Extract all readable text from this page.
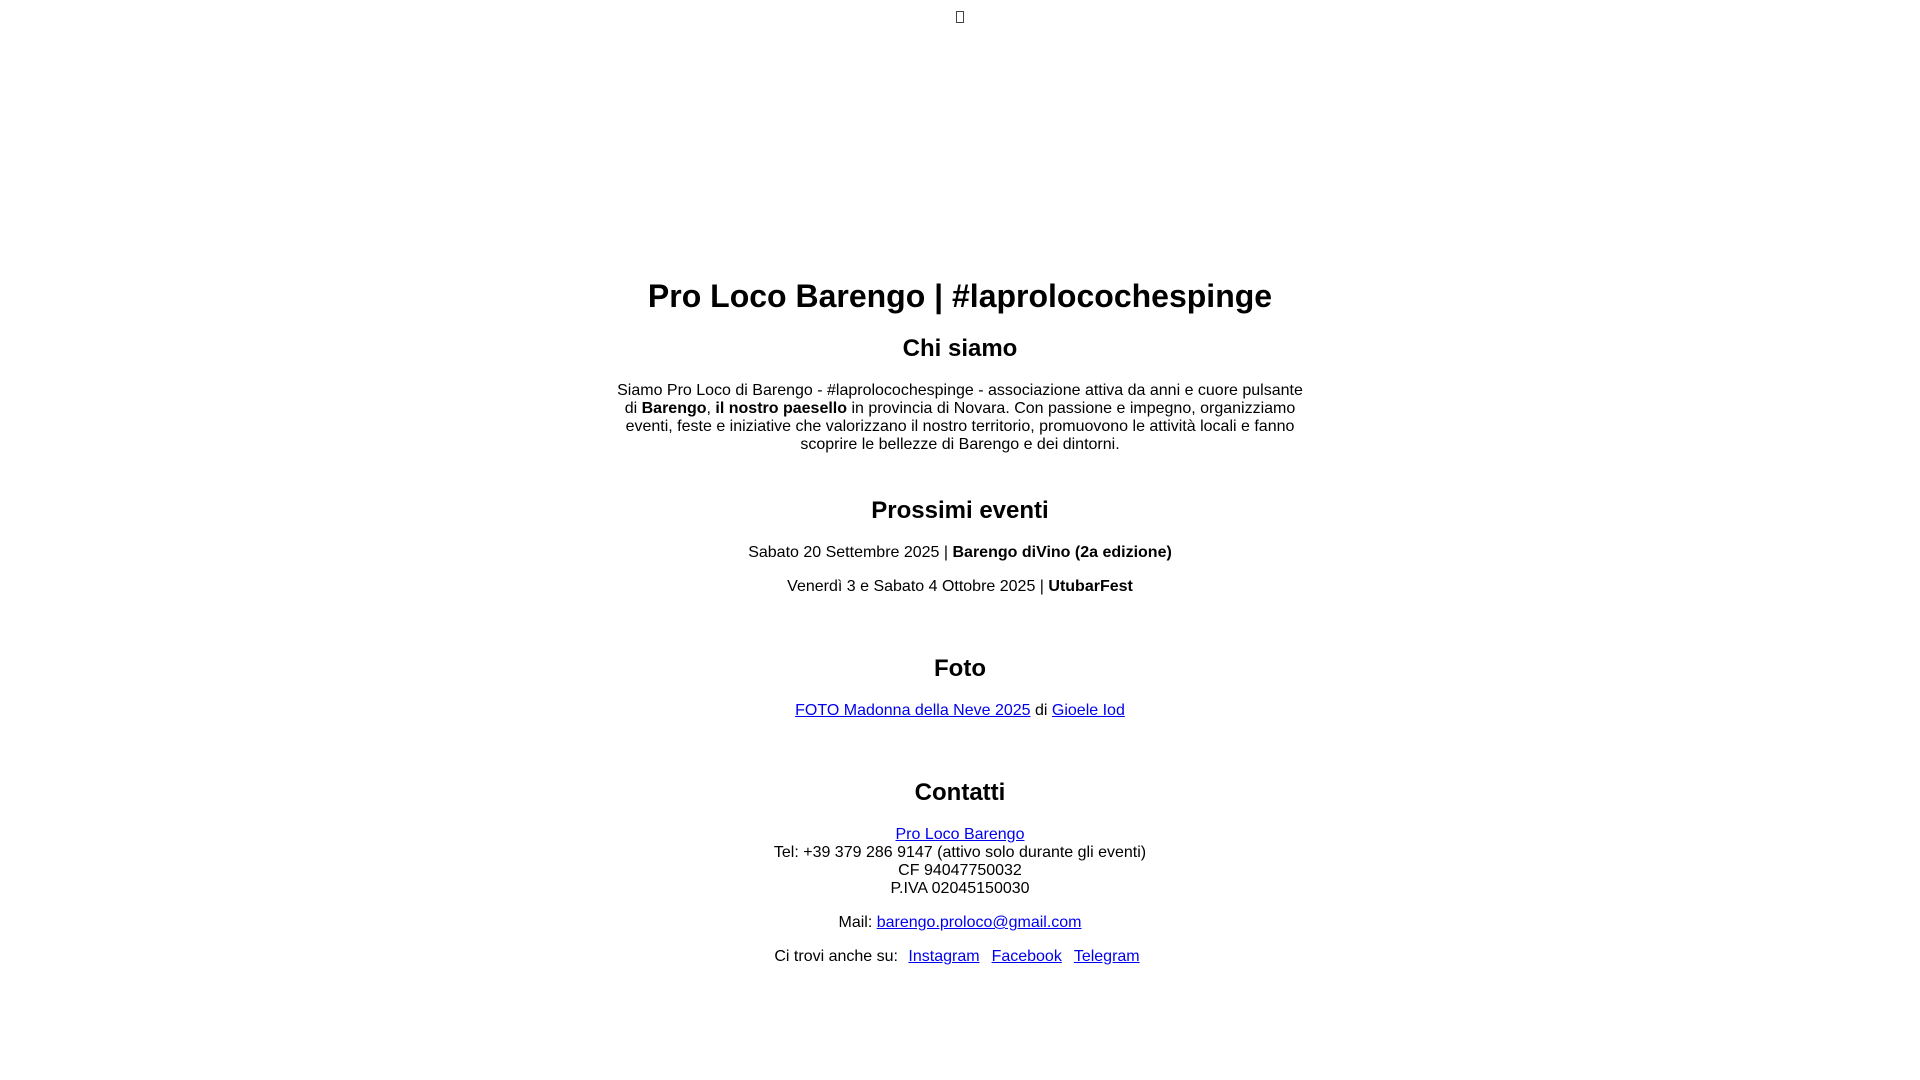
Pro Loco Barengo | #laprolocochespinge
Chi siamo

Siamo Pro Loco di Barengo - #laprolocochespinge - associazione attiva da anni e cuore pulsante di Barengo, il nostro paesello in provincia di Novara. Con passione e impegno, organizziamo eventi, feste e iniziative che valorizzano il nostro territorio, promuovono le attività locali e fanno scoprire le bellezze di Barengo e dei dintorni.

Prossimi eventi

Sabato 20 Settembre 2025 | Barengo diVino (2a edizione)

Venerdì 3 e Sabato 4 Ottobre 2025 | UtubarFest

Foto

FOTO Madonna della Neve 2025 di Gioele Iod

Contatti

Pro Loco Barengo
Tel: +39 379 286 9147 (attivo solo durante gli eventi)
CF 94047750032
P.IVA 02045150030

Mail: barengo.proloco@gmail.com

Ci trovi anche su: Instagram Facebook Telegram
